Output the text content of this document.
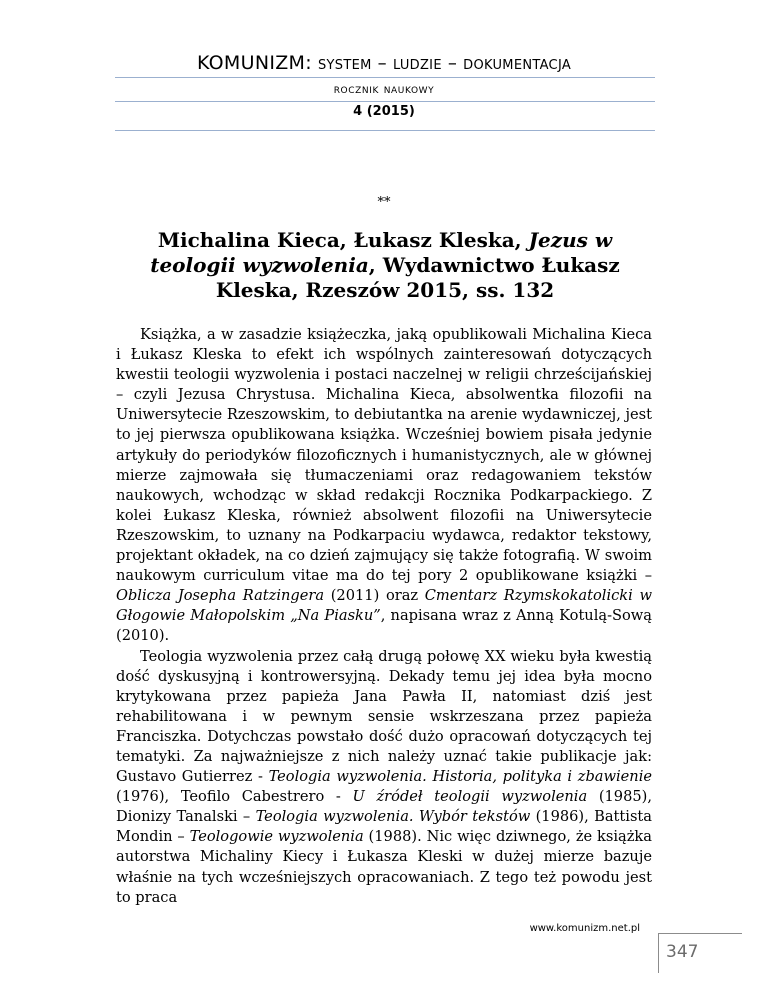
KOMUNIZM: system – ludzie – dokumentacja
rocznik naukowy
4 (2015)
**
Michalina Kieca, Łukasz Kleska, Jezus w teologii wyzwolenia, Wydawnictwo Łukasz Kleska, Rzeszów 2015, ss. 132

Książka, a w zasadzie książeczka, jaką opublikowali Michalina Kieca i Łukasz Kleska to efekt ich wspólnych zainteresowań dotyczących kwestii teologii wyzwolenia i postaci naczelnej w religii chrześcijańskiej – czyli Jezusa Chrystusa. Michalina Kieca, absolwentka filozofii na Uniwersytecie Rzeszowskim, to debiutantka na arenie wydawniczej, jest to jej pierwsza opublikowana książka. Wcześniej bowiem pisała jedynie artykuły do periodyków filozoficznych i humanistycznych, ale w głównej mierze zajmowała się tłumaczeniami oraz redagowaniem tekstów naukowych, wchodząc w skład redakcji Rocznika Podkarpackiego. Z kolei Łukasz Kleska, również absolwent filozofii na Uniwersytecie Rzeszowskim, to uznany na Podkarpaciu wydawca, redaktor tekstowy, projektant okładek, na co dzień zajmujący się także fotografią. W swoim naukowym curriculum vitae ma do tej pory 2 opublikowane książki – Oblicza Josepha Ratzingera (2011) oraz Cmentarz Rzymskokatolicki w Głogowie Małopolskim „Na Piasku”, napisana wraz z Anną Kotulą-Sową (2010).

Teologia wyzwolenia przez całą drugą połowę XX wieku była kwestią dość dyskusyjną i kontrowersyjną. Dekady temu jej idea była mocno krytykowana przez papieża Jana Pawła II, natomiast dziś jest rehabilitowana i w pewnym sensie wskrzeszana przez papieża Franciszka. Dotychczas powstało dość dużo opracowań dotyczących tej tematyki. Za najważniejsze z nich należy uznać takie publikacje jak: Gustavo Gutierrez - Teologia wyzwolenia. Historia, polityka i zbawienie (1976), Teofilo Cabestrero - U źródeł teologii wyzwolenia (1985), Dionizy Tanalski – Teologia wyzwolenia. Wybór tekstów (1986), Battista Mondin – Teologowie wyzwolenia (1988). Nic więc dziwnego, że książka autorstwa Michaliny Kiecy i Łukasza Kleski w dużej mierze bazuje właśnie na tych wcześniejszych opracowaniach. Z tego też powodu jest to praca

www.komunizm.net.pl
347
